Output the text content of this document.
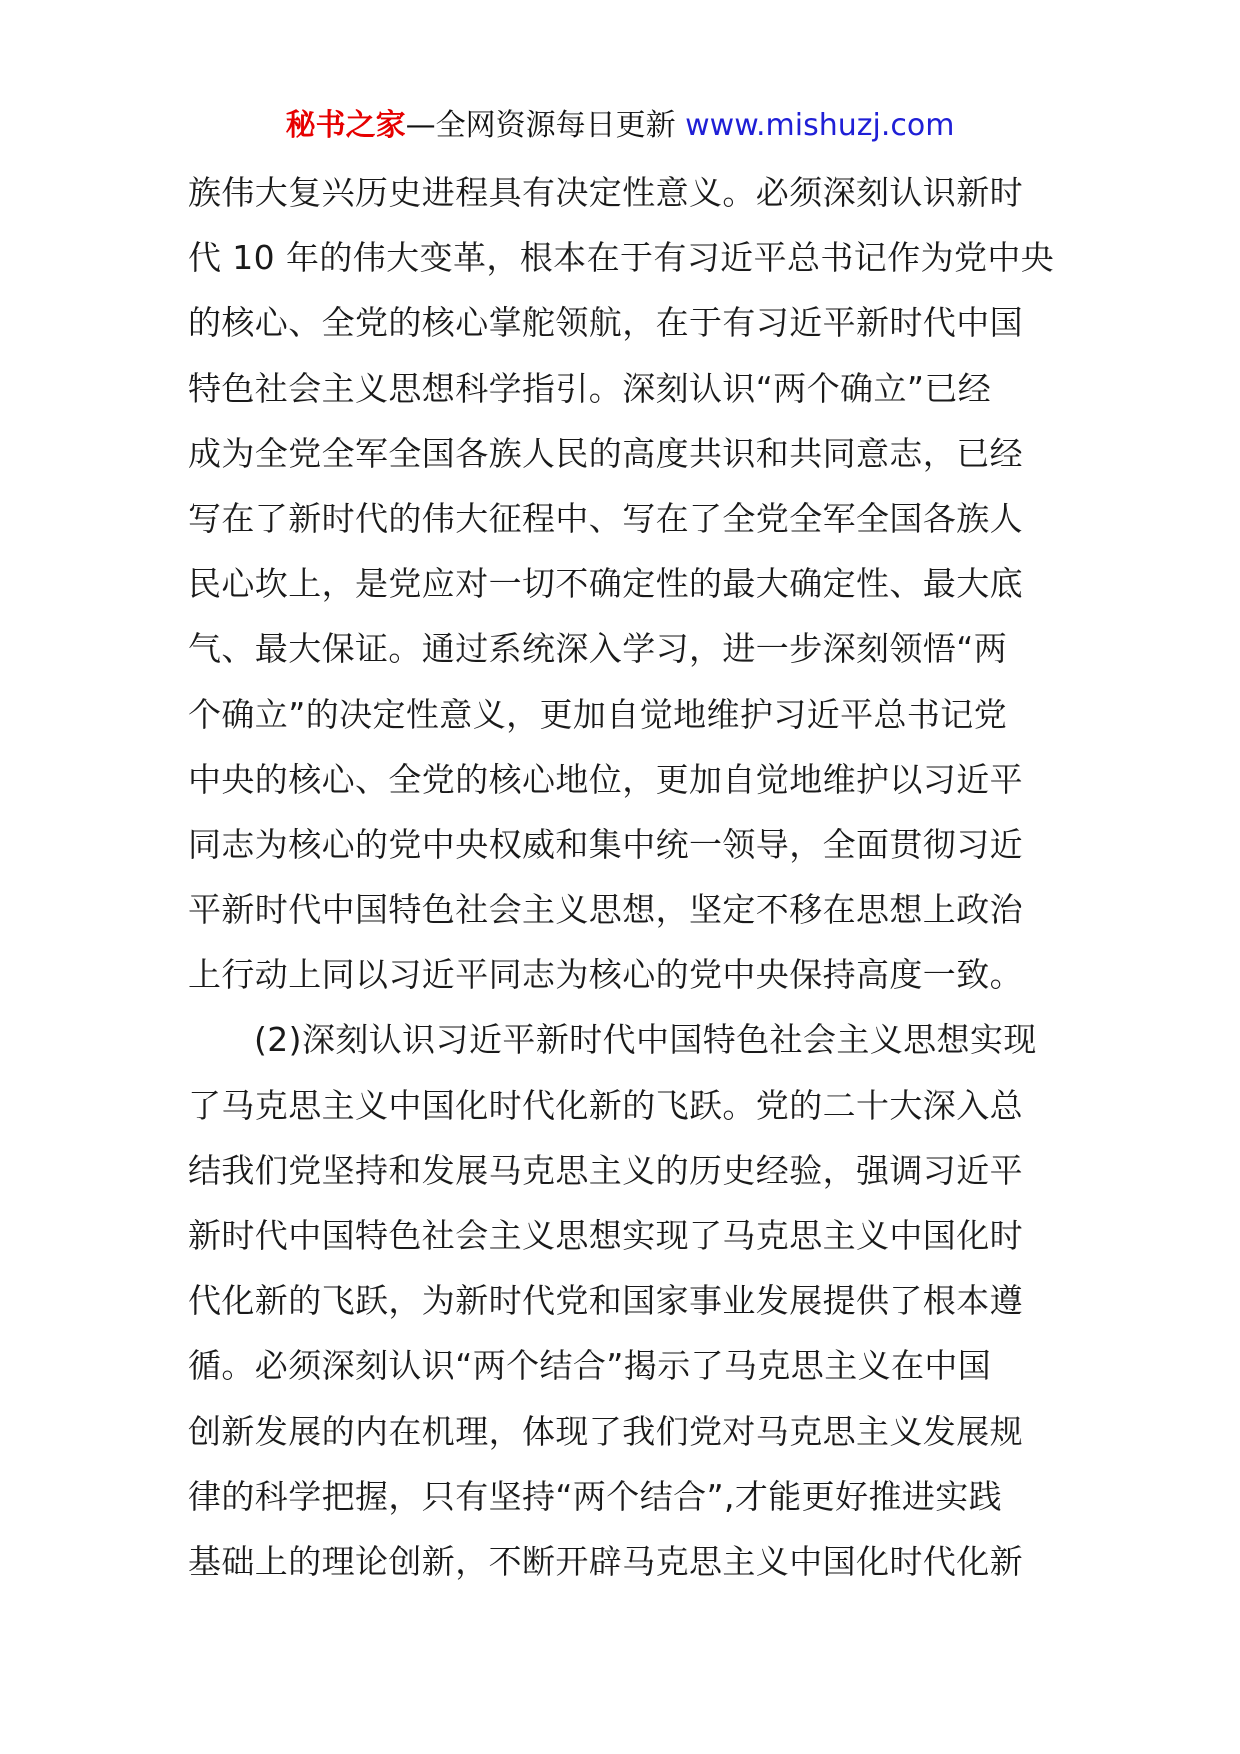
秘书之家—全网资源每日更新 www.mishuzj.com
族伟大复兴历史进程具有决定性意义。必须深刻认识新时
代 10 年的伟大变革，根本在于有习近平总书记作为党中央
的核心、全党的核心掌舵领航，在于有习近平新时代中国
特色社会主义思想科学指引。深刻认识“两个确立”已经
成为全党全军全国各族人民的高度共识和共同意志，已经
写在了新时代的伟大征程中、写在了全党全军全国各族人
民心坎上，是党应对一切不确定性的最大确定性、最大底
气、最大保证。通过系统深入学习，进一步深刻领悟“两
个确立”的决定性意义，更加自觉地维护习近平总书记党
中央的核心、全党的核心地位，更加自觉地维护以习近平
同志为核心的党中央权威和集中统一领导，全面贯彻习近
平新时代中国特色社会主义思想，坚定不移在思想上政治
上行动上同以习近平同志为核心的党中央保持高度一致。
(2)深刻认识习近平新时代中国特色社会主义思想实现
了马克思主义中国化时代化新的飞跃。党的二十大深入总
结我们党坚持和发展马克思主义的历史经验，强调习近平
新时代中国特色社会主义思想实现了马克思主义中国化时
代化新的飞跃，为新时代党和国家事业发展提供了根本遵
循。必须深刻认识“两个结合”揭示了马克思主义在中国
创新发展的内在机理，体现了我们党对马克思主义发展规
律的科学把握，只有坚持“两个结合”,才能更好推进实践
基础上的理论创新，不断开辟马克思主义中国化时代化新
